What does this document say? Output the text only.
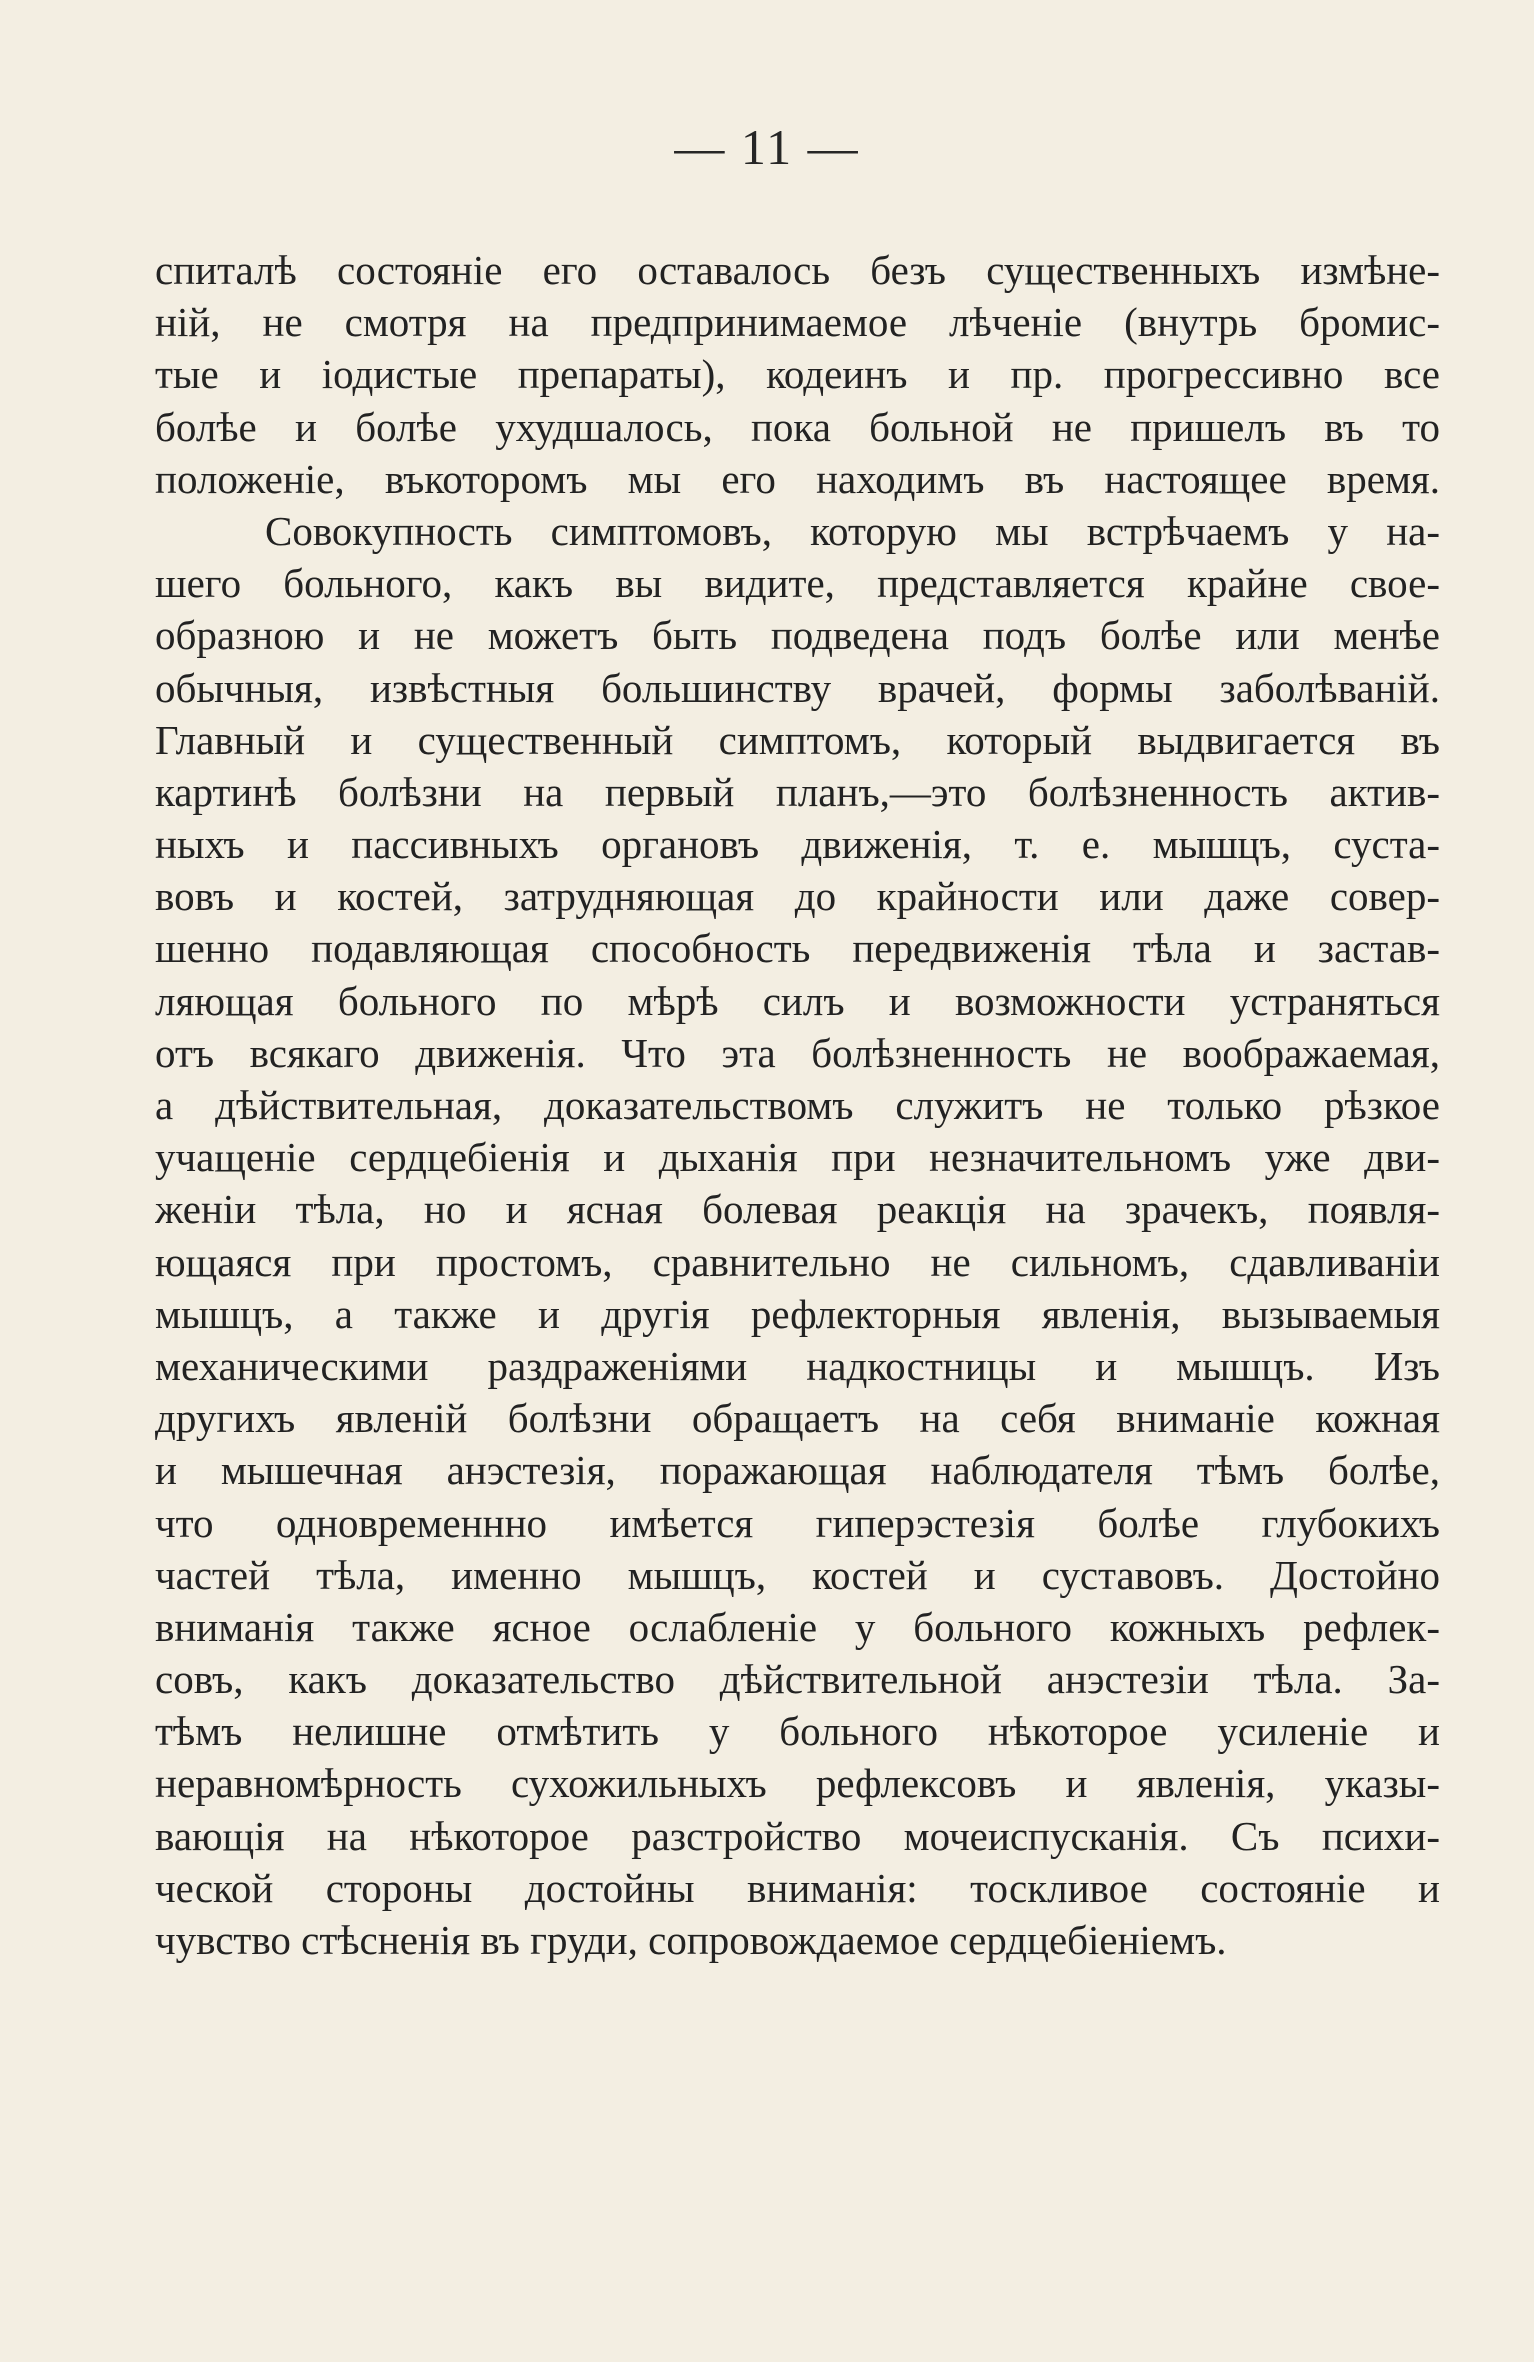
— 11 —
спиталѣ состояніе его оставалось безъ существенныхъ измѣне-
ній, не смотря на предпринимаемое лѣченіе (внутрь бромис-
тые и іодистые препараты), кодеинъ и пр. прогрессивно все
болѣе и болѣе ухудшалось, пока больной не пришелъ въ то
положеніе, въкоторомъ мы его находимъ въ настоящее время.
Совокупность симптомовъ, которую мы встрѣчаемъ у на-
шего больного, какъ вы видите, представляется крайне свое-
образною и не можетъ быть подведена подъ болѣе или менѣе
обычныя, извѣстныя большинству врачей, формы заболѣваній.
Главный и существенный симптомъ, который выдвигается въ
картинѣ болѣзни на первый планъ,—это болѣзненность актив-
ныхъ и пассивныхъ органовъ движенія, т. е. мышцъ, суста-
вовъ и костей, затрудняющая до крайности или даже совер-
шенно подавляющая способность передвиженія тѣла и застав-
ляющая больного по мѣрѣ силъ и возможности устраняться
отъ всякаго движенія. Что эта болѣзненность не воображаемая,
а дѣйствительная, доказательствомъ служитъ не только рѣзкое
учащеніе сердцебіенія и дыханія при незначительномъ уже дви-
женіи тѣла, но и ясная болевая реакція на зрачекъ, появля-
ющаяся при простомъ, сравнительно не сильномъ, сдавливаніи
мышцъ, а также и другія рефлекторныя явленія, вызываемыя
механическими раздраженіями надкостницы и мышцъ. Изъ
другихъ явленій болѣзни обращаетъ на себя вниманіе кожная
и мышечная анэстезія, поражающая наблюдателя тѣмъ болѣе,
что одновременнно имѣется гиперэстезія болѣе глубокихъ
частей тѣла, именно мышцъ, костей и суставовъ. Достойно
вниманія также ясное ослабленіе у больного кожныхъ рефлек-
совъ, какъ доказательство дѣйствительной анэстезіи тѣла. За-
тѣмъ нелишне отмѣтить у больного нѣкоторое усиленіе и
неравномѣрность сухожильныхъ рефлексовъ и явленія, указы-
вающія на нѣкоторое разстройство мочеиспусканія. Съ психи-
ческой стороны достойны вниманія: тоскливое состояніе и
чувство стѣсненія въ груди, сопровождаемое сердцебіеніемъ.
